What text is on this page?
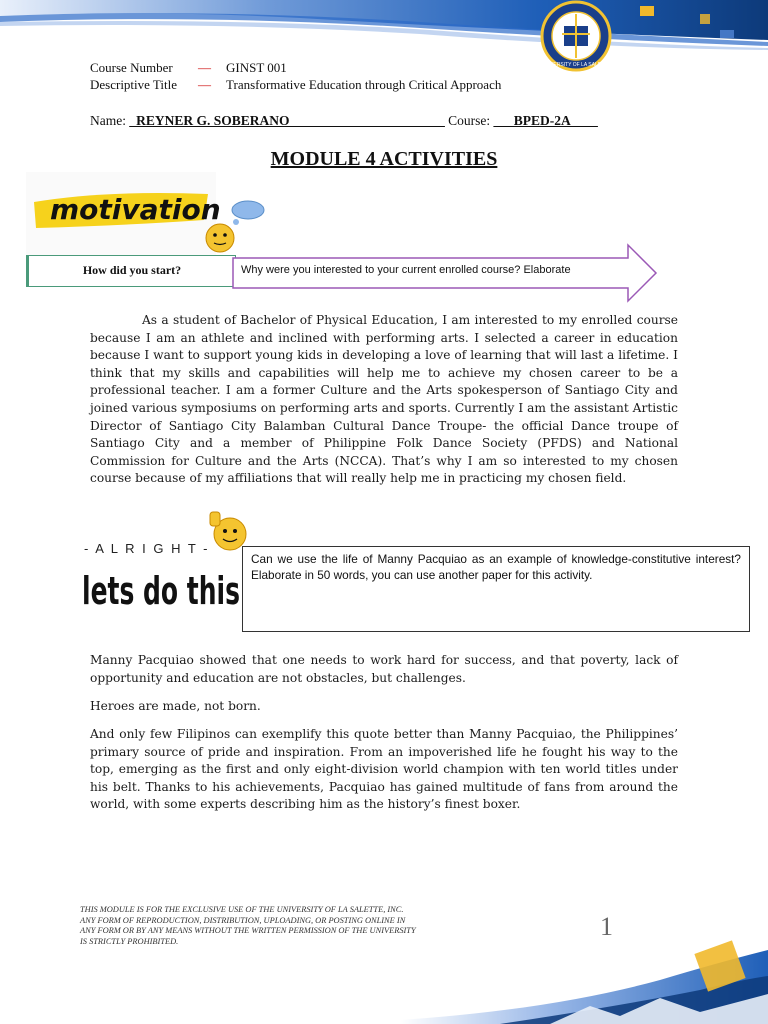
UNIVERSITY OF LA SALETTE
Course Number — GINST 001
Descriptive Title — Transformative Education through Critical Approach
Name: _REYNER G. SOBERANO_______________________ Course: ___BPED-2A____
MODULE 4 ACTIVITIES
motivation
How did you start?	Why were you interested to your current enrolled course? Elaborate
As a student of Bachelor of Physical Education, I am interested to my enrolled course because I am an athlete and inclined with performing arts. I selected a career in education because I want to support young kids in developing a love of learning that will last a lifetime. I think that my skills and capabilities will help me to achieve my chosen career to be a professional teacher. I am a former Culture and the Arts spokesperson of Santiago City and joined various symposiums on performing arts and sports. Currently I am the assistant Artistic Director of Santiago City Balamban Cultural Dance Troupe- the official Dance troupe of Santiago City and a member of Philippine Folk Dance Society (PFDS) and National Commission for Culture and the Arts (NCCA). That’s why I am so interested to my chosen course because of my affiliations that will really help me in practicing my chosen field.
- A L R I G H T -
lets do this
Can we use the life of Manny Pacquiao as an example of knowledge-constitutive interest? Elaborate in 50 words, you can use another paper for this activity.
Manny Pacquiao showed that one needs to work hard for success, and that poverty, lack of opportunity and education are not obstacles, but challenges.
Heroes are made, not born.
And only few Filipinos can exemplify this quote better than Manny Pacquiao, the Philippines’ primary source of pride and inspiration. From an impoverished life he fought his way to the top, emerging as the first and only eight-division world champion with ten world titles under his belt. Thanks to his achievements, Pacquiao has gained multitude of fans from around the world, with some experts describing him as the history’s finest boxer.
THIS MODULE IS FOR THE EXCLUSIVE USE OF THE UNIVERSITY OF LA SALETTE, INC. ANY FORM OF REPRODUCTION, DISTRIBUTION, UPLOADING, OR POSTING ONLINE IN ANY FORM OR BY ANY MEANS WITHOUT THE WRITTEN PERMISSION OF THE UNIVERSITY IS STRICTLY PROHIBITED.	1
